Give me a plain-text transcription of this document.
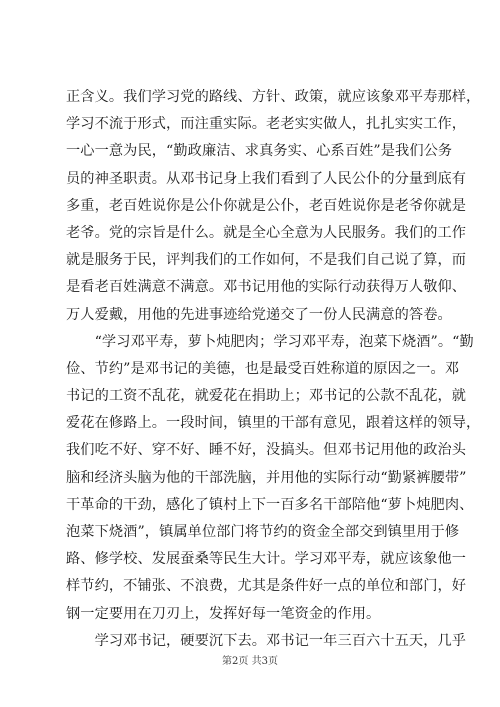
正含义。我们学习党的路线、方针、政策，就应该象邓平寿那样，
学习不流于形式，而注重实际。老老实实做人，扎扎实实工作，
一心一意为民，“勤政廉洁、求真务实、心系百姓”是我们公务
员的神圣职责。从邓书记身上我们看到了人民公仆的分量到底有
多重，老百姓说你是公仆你就是公仆，老百姓说你是老爷你就是
老爷。党的宗旨是什么。就是全心全意为人民服务。我们的工作
就是服务于民，评判我们的工作如何，不是我们自己说了算，而
是看老百姓满意不满意。邓书记用他的实际行动获得万人敬仰、
万人爱戴，用他的先进事迹给党递交了一份人民满意的答卷。
　　“学习邓平寿，萝卜炖肥肉；学习邓平寿，泡菜下烧酒”。“勤
俭、节约”是邓书记的美德，也是最受百姓称道的原因之一。邓
书记的工资不乱花，就爱花在捐助上；邓书记的公款不乱花，就
爱花在修路上。一段时间，镇里的干部有意见，跟着这样的领导，
我们吃不好、穿不好、睡不好，没搞头。但邓书记用他的政治头
脑和经济头脑为他的干部洗脑，并用他的实际行动“勤紧裤腰带”
干革命的干劲，感化了镇村上下一百多名干部陪他“萝卜炖肥肉、
泡菜下烧酒”，镇属单位部门将节约的资金全部交到镇里用于修
路、修学校、发展蚕桑等民生大计。学习邓平寿，就应该象他一
样节约，不铺张、不浪费，尤其是条件好一点的单位和部门，好
钢一定要用在刀刃上，发挥好每一笔资金的作用。
　　学习邓书记，硬要沉下去。邓书记一年三百六十五天，几乎
第2页 共3页
